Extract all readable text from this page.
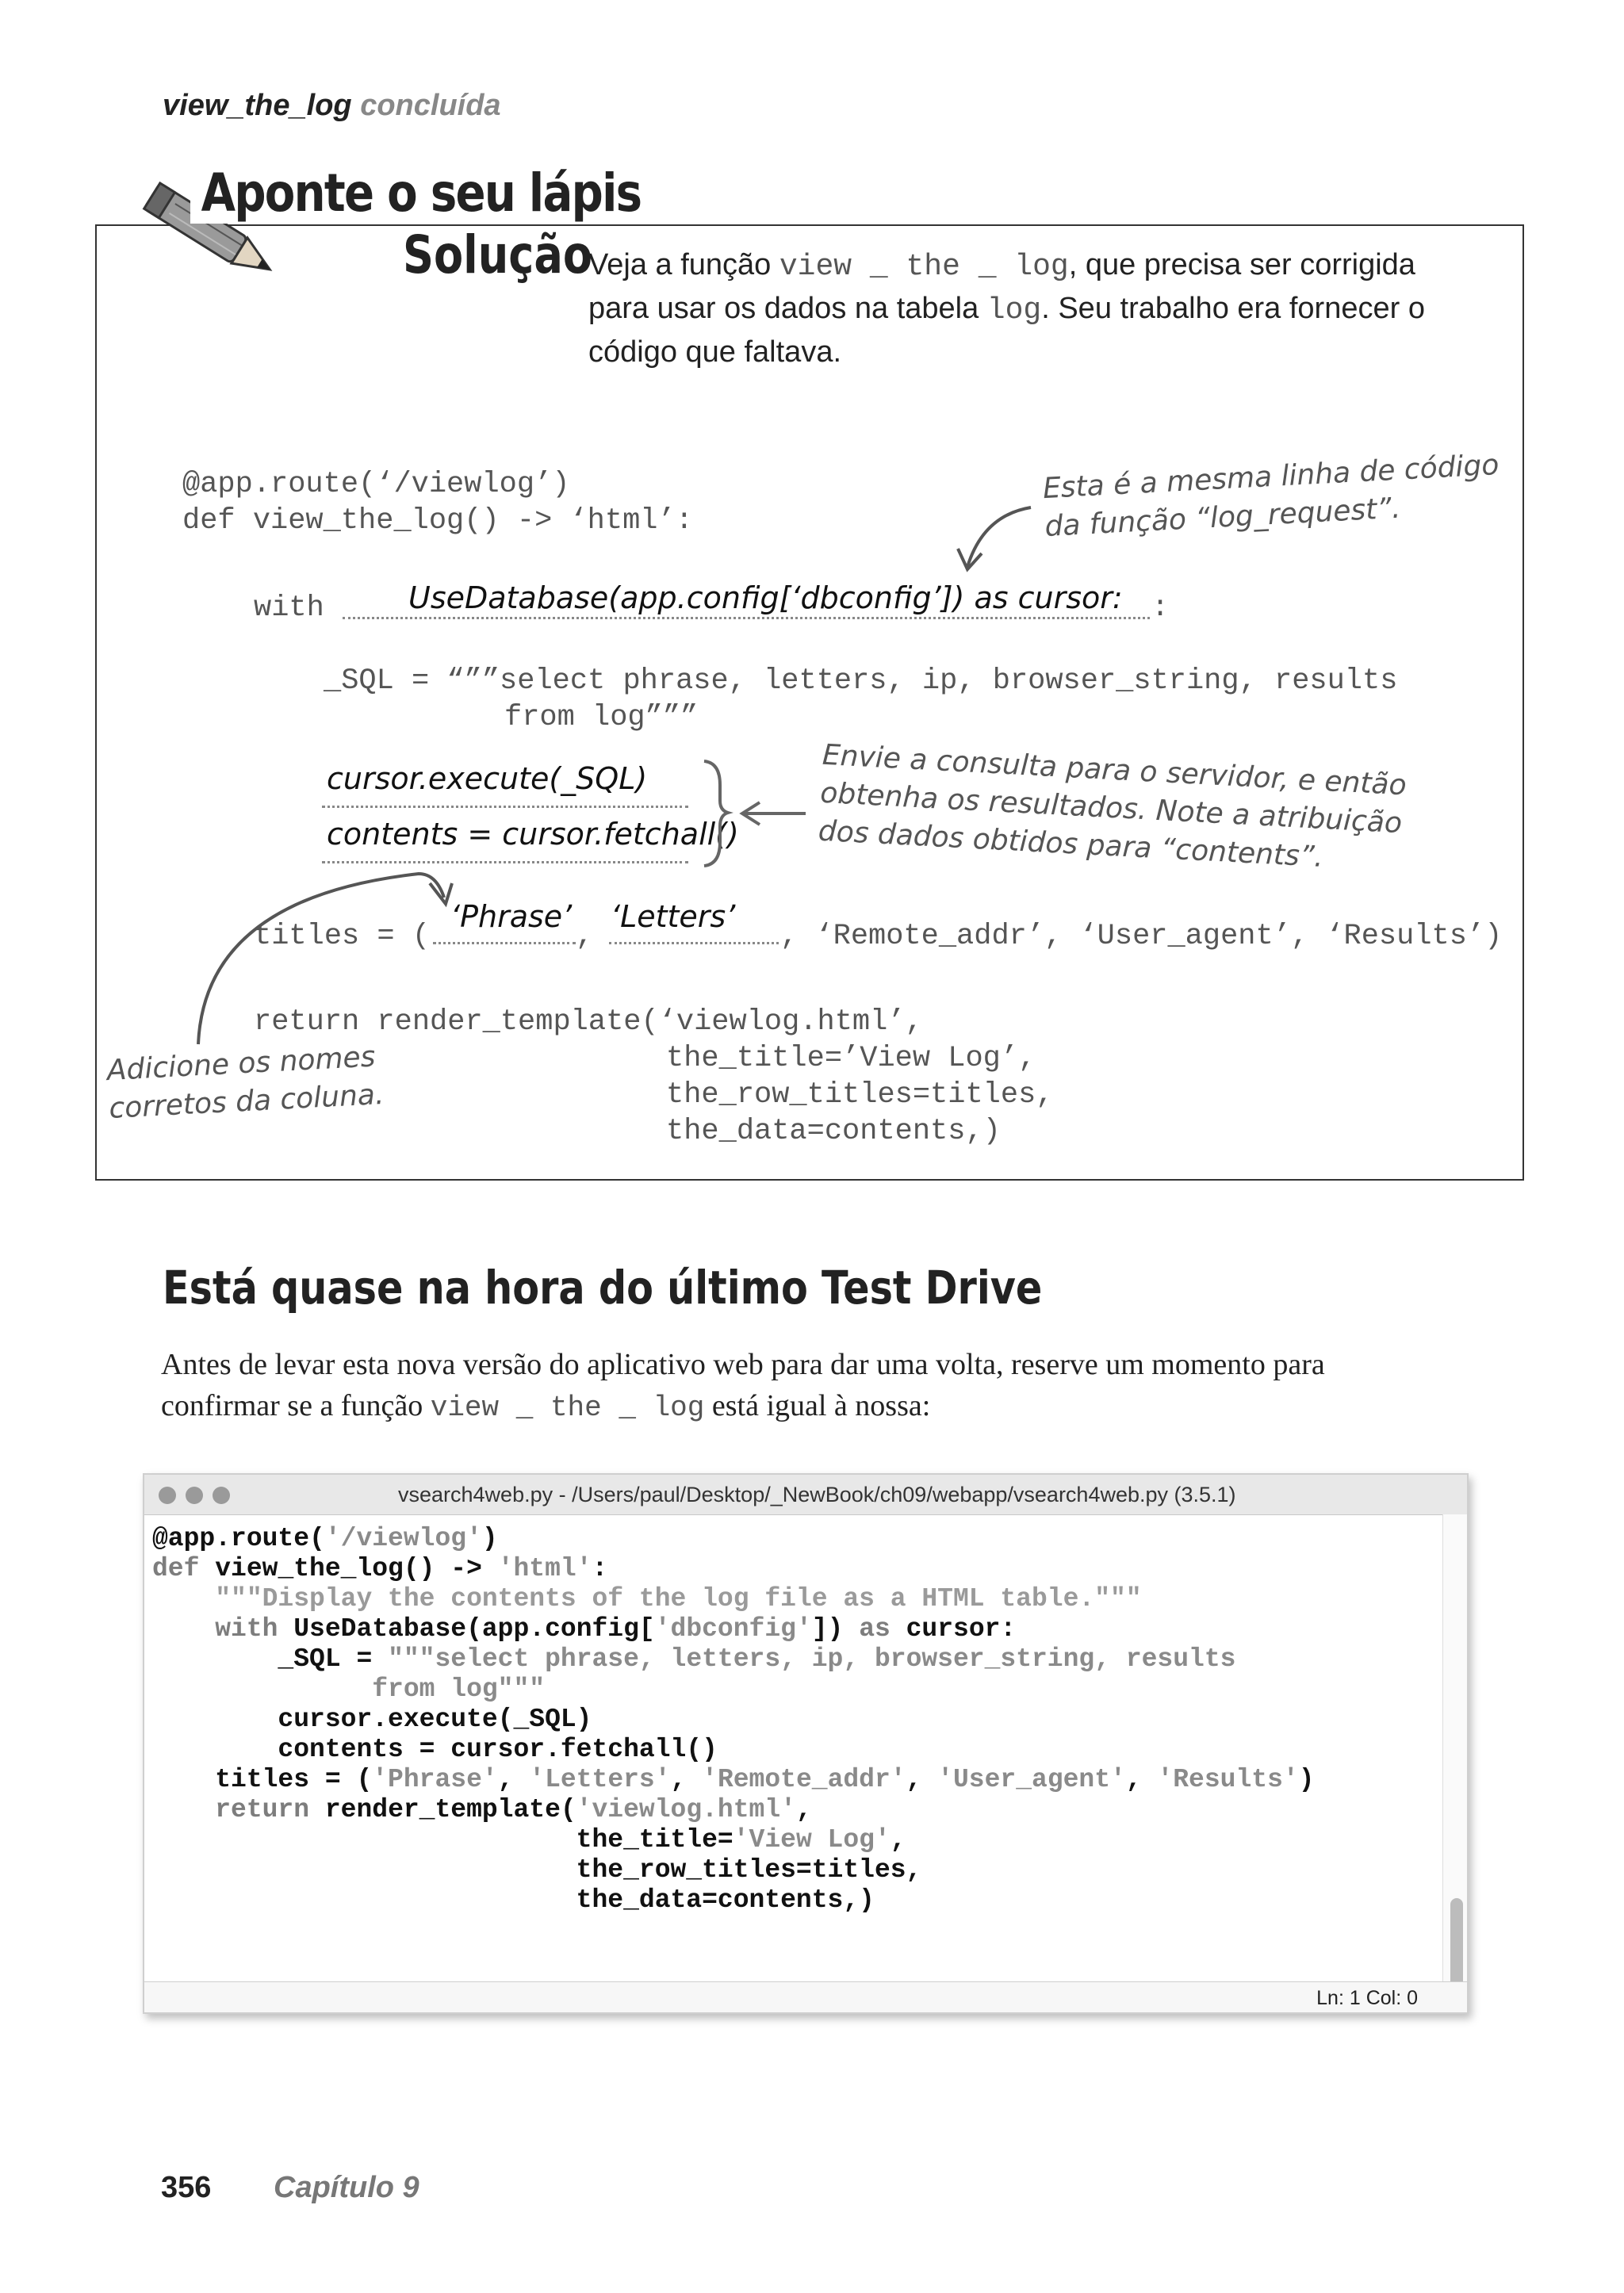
view_the_log concluída
Aponte o seu lápis
Solução
Veja a função view _ the _ log, que precisa ser corrigida para usar os dados na tabela log. Seu trabalho era fornecer o código que faltava.
@app.route(‘/viewlog’)
def view_the_log() -> ‘html’:
with UseDatabase(app.config[‘dbconfig’]) as cursor: :
_SQL = “””select phrase, letters, ip, browser_string, results
from log”””
cursor.execute(_SQL)
contents = cursor.fetchall()
titles = (
‘Phrase’
,
‘Letters’
, ‘Remote_addr’, ‘User_agent’, ‘Results’)
return render_template(‘viewlog.html’,
the_title=’View Log’,
the_row_titles=titles,
the_data=contents,)
Esta é a mesma linha de código
da função “log_request”.
Envie a consulta para o servidor, e então
obtenha os resultados. Note a atribuição
dos dados obtidos para “contents”.
Adicione os nomes
corretos da coluna.
Está quase na hora do último Test Drive
Antes de levar esta nova versão do aplicativo web para dar uma volta, reserve um momento para confirmar se a função view _ the _ log está igual à nossa:
vsearch4web.py - /Users/paul/Desktop/_NewBook/ch09/webapp/vsearch4web.py (3.5.1)
@app.route('/viewlog')
def view_the_log() -> 'html':
"""Display the contents of the log file as a HTML table."""
with UseDatabase(app.config['dbconfig']) as cursor:
_SQL = """select phrase, letters, ip, browser_string, results
from log"""
cursor.execute(_SQL)
contents = cursor.fetchall()
titles = ('Phrase', 'Letters', 'Remote_addr', 'User_agent', 'Results')
return render_template('viewlog.html',
the_title='View Log',
the_row_titles=titles,
the_data=contents,)
Ln: 1 Col: 0
356 Capítulo 9
